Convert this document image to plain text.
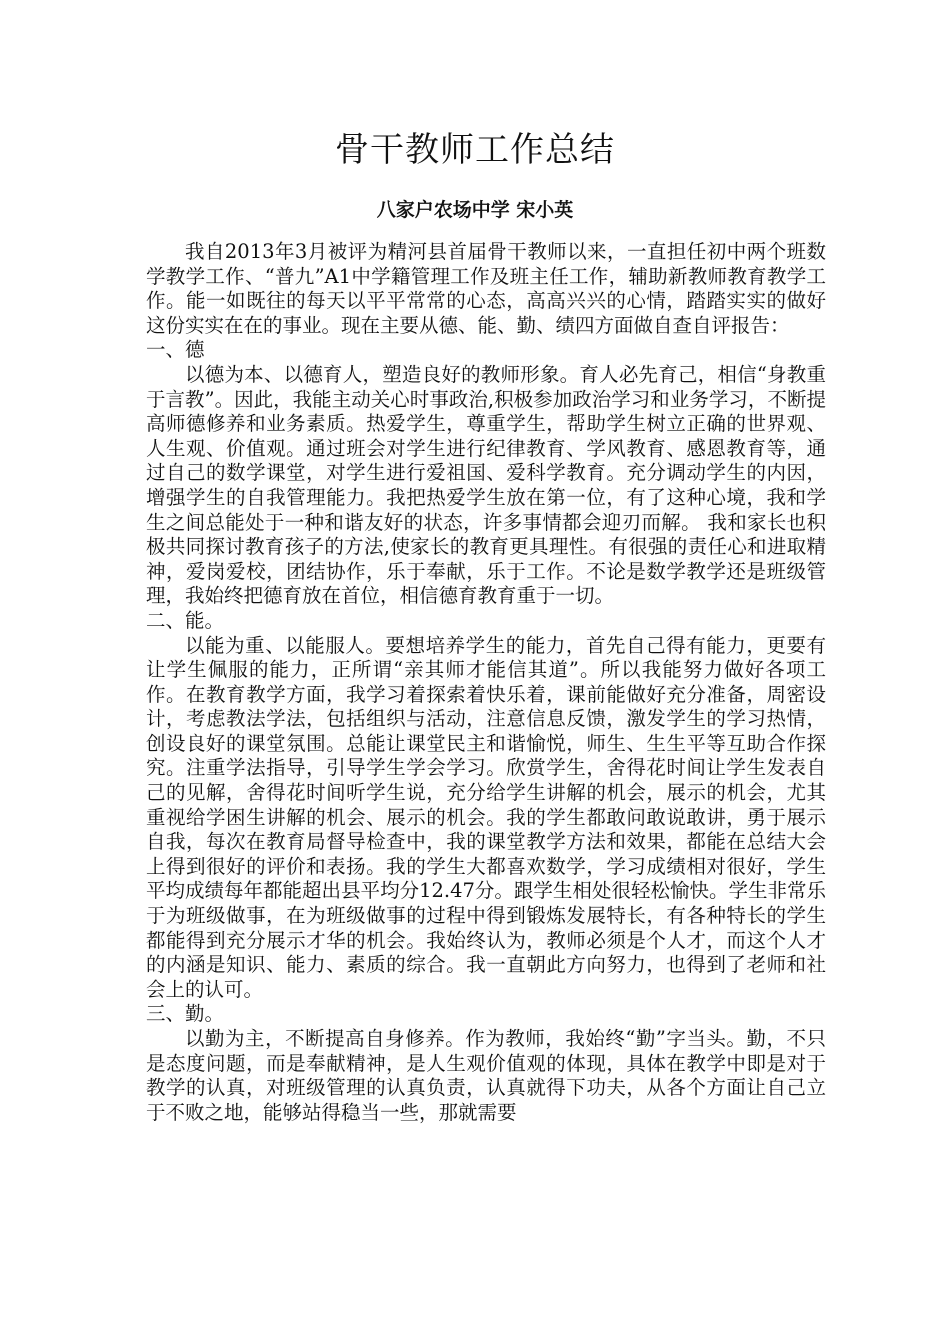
骨干教师工作总结

八家户农场中学 宋小英

我自2013年3月被评为精河县首届骨干教师以来，一直担任初中两个班数学教学工作、“普九”A1中学籍管理工作及班主任工作，辅助新教师教育教学工作。能一如既往的每天以平平常常的心态，高高兴兴的心情，踏踏实实的做好这份实实在在的事业。现在主要从德、能、勤、绩四方面做自查自评报告：

一、德

以德为本、以德育人，塑造良好的教师形象。育人必先育己，相信“身教重于言教”。因此，我能主动关心时事政治,积极参加政治学习和业务学习，不断提高师德修养和业务素质。热爱学生，尊重学生，帮助学生树立正确的世界观、人生观、价值观。通过班会对学生进行纪律教育、学风教育、感恩教育等，通过自己的数学课堂，对学生进行爱祖国、爱科学教育。充分调动学生的内因，增强学生的自我管理能力。我把热爱学生放在第一位，有了这种心境，我和学生之间总能处于一种和谐友好的状态，许多事情都会迎刃而解。 我和家长也积极共同探讨教育孩子的方法,使家长的教育更具理性。有很强的责任心和进取精神，爱岗爱校，团结协作，乐于奉献，乐于工作。不论是数学教学还是班级管理，我始终把德育放在首位，相信德育教育重于一切。

二、能。

以能为重、以能服人。要想培养学生的能力，首先自己得有能力，更要有让学生佩服的能力，正所谓“亲其师才能信其道”。所以我能努力做好各项工作。在教育教学方面，我学习着探索着快乐着，课前能做好充分准备，周密设计，考虑教法学法，包括组织与活动，注意信息反馈，激发学生的学习热情，创设良好的课堂氛围。总能让课堂民主和谐愉悦，师生、生生平等互助合作探究。注重学法指导，引导学生学会学习。欣赏学生，舍得花时间让学生发表自己的见解，舍得花时间听学生说，充分给学生讲解的机会，展示的机会，尤其重视给学困生讲解的机会、展示的机会。我的学生都敢问敢说敢讲，勇于展示自我，每次在教育局督导检查中，我的课堂教学方法和效果，都能在总结大会上得到很好的评价和表扬。我的学生大都喜欢数学，学习成绩相对很好，学生平均成绩每年都能超出县平均分12.47分。跟学生相处很轻松愉快。学生非常乐于为班级做事，在为班级做事的过程中得到锻炼发展特长，有各种特长的学生都能得到充分展示才华的机会。我始终认为，教师必须是个人才，而这个人才的内涵是知识、能力、素质的综合。我一直朝此方向努力，也得到了老师和社会上的认可。

三、勤。

以勤为主，不断提高自身修养。作为教师，我始终“勤”字当头。勤，不只是态度问题，而是奉献精神，是人生观价值观的体现，具体在教学中即是对于教学的认真，对班级管理的认真负责，认真就得下功夫，从各个方面让自己立于不败之地，能够站得稳当一些，那就需要
